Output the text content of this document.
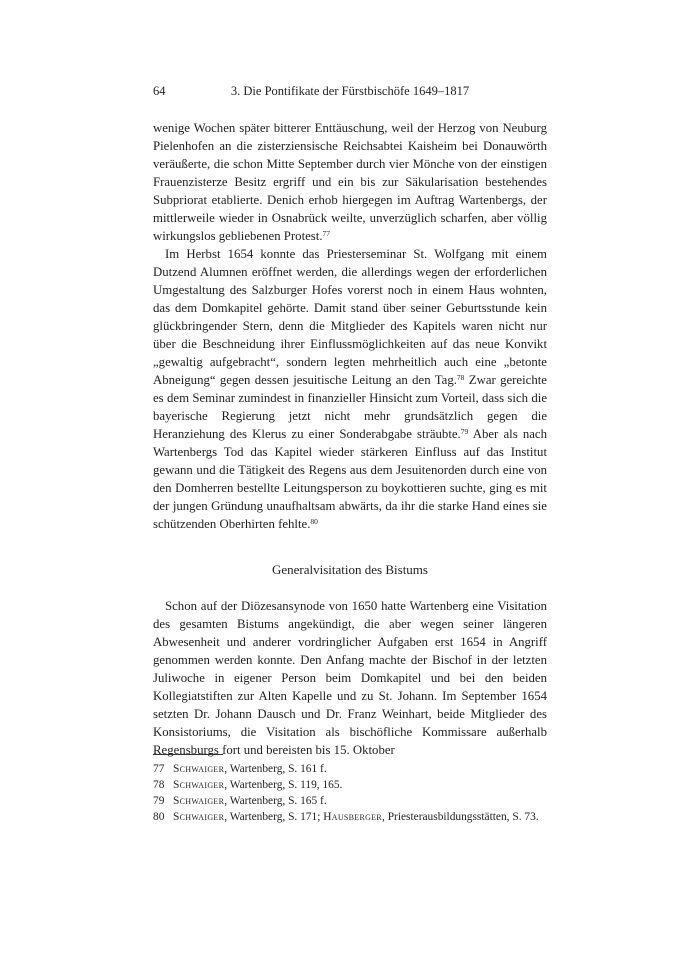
64	3. Die Pontifikate der Fürstbischöfe 1649–1817

wenige Wochen später bitterer Enttäuschung, weil der Herzog von Neuburg Pielenhofen an die zisterziensische Reichsabtei Kaisheim bei Donauwörth veräußerte, die schon Mitte September durch vier Mönche von der einstigen Frauenzisterze Besitz ergriff und ein bis zur Säkularisation bestehendes Subpriorat etablierte. Denich erhob hiergegen im Auftrag Wartenbergs, der mittlerweile wieder in Osnabrück weilte, unverzüglich scharfen, aber völlig wirkungslos gebliebenen Protest.$^{77}$

Im Herbst 1654 konnte das Priesterseminar St. Wolfgang mit einem Dutzend Alumnen eröffnet werden, die allerdings wegen der erforderlichen Umgestaltung des Salzburger Hofes vorerst noch in einem Haus wohnten, das dem Domkapitel gehörte. Damit stand über seiner Geburtsstunde kein glückbringender Stern, denn die Mitglieder des Kapitels waren nicht nur über die Beschneidung ihrer Einflussmöglichkeiten auf das neue Konvikt „gewaltig aufgebracht“, sondern legten mehrheitlich auch eine „betonte Abneigung“ gegen dessen jesuitische Leitung an den Tag.$^{78}$ Zwar gereichte es dem Seminar zumindest in finanzieller Hinsicht zum Vorteil, dass sich die bayerische Regierung jetzt nicht mehr grundsätzlich gegen die Heranziehung des Klerus zu einer Sonderabgabe sträubte.$^{79}$ Aber als nach Wartenbergs Tod das Kapitel wieder stärkeren Einfluss auf das Institut gewann und die Tätigkeit des Regens aus dem Jesuitenorden durch eine von den Domherren bestellte Leitungsperson zu boykottieren suchte, ging es mit der jungen Gründung unaufhaltsam abwärts, da ihr die starke Hand eines sie schützenden Oberhirten fehlte.$^{80}$

Generalvisitation des Bistums

Schon auf der Diözesansynode von 1650 hatte Wartenberg eine Visitation des gesamten Bistums angekündigt, die aber wegen seiner längeren Abwesenheit und anderer vordringlicher Aufgaben erst 1654 in Angriff genommen werden konnte. Den Anfang machte der Bischof in der letzten Juliwoche in eigener Person beim Domkapitel und bei den beiden Kollegiatstiften zur Alten Kapelle und zu St. Johann. Im September 1654 setzten Dr. Johann Dausch und Dr. Franz Weinhart, beide Mitglieder des Konsistoriums, die Visitation als bischöfliche Kommissare außerhalb Regensburgs fort und bereisten bis 15. Oktober

77 Schwaiger, Wartenberg, S. 161 f.
78 Schwaiger, Wartenberg, S. 119, 165.
79 Schwaiger, Wartenberg, S. 165 f.
80 Schwaiger, Wartenberg, S. 171; Hausberger, Priesterausbildungsstätten, S. 73.
